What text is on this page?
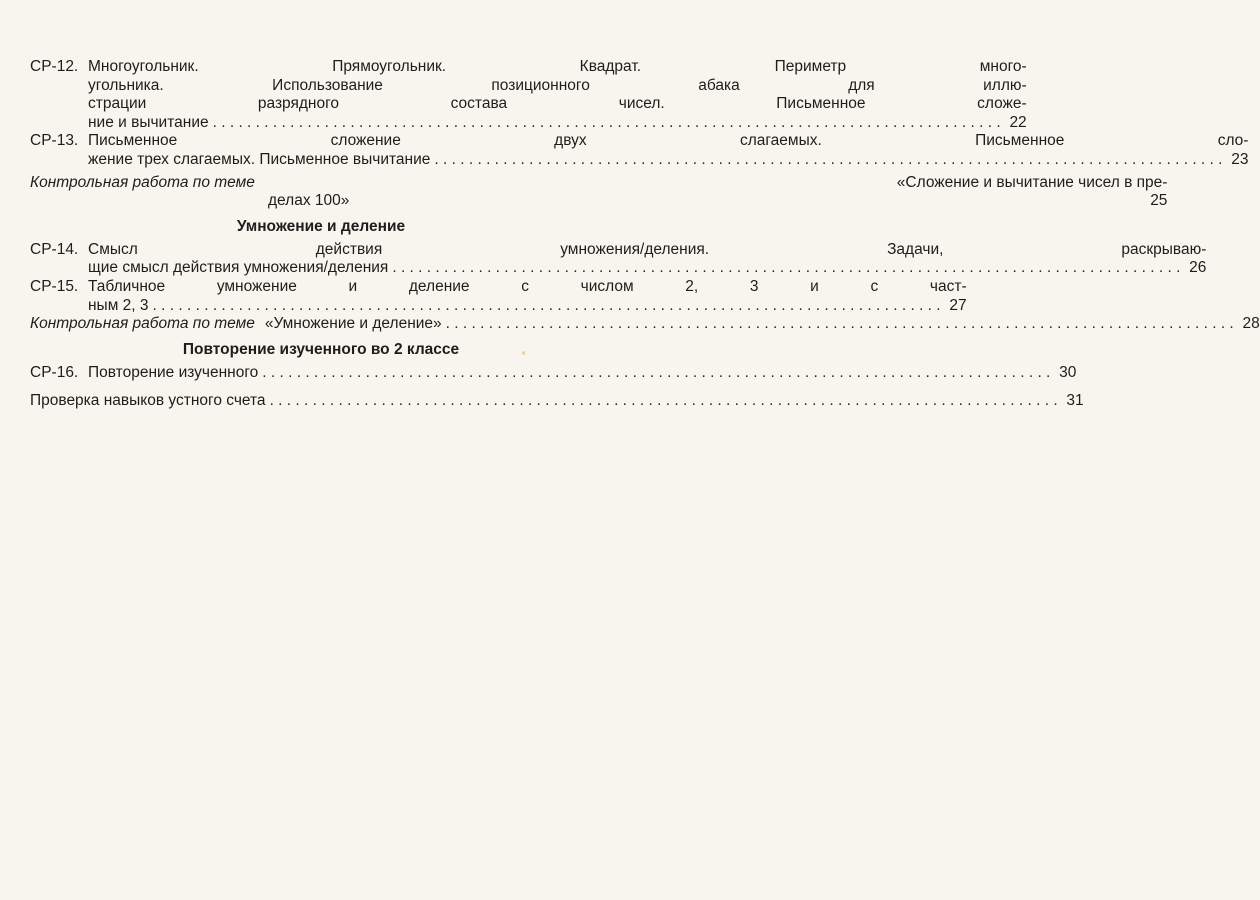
СР-12. Многоугольник. Прямоугольник. Квадрат. Периметр много-
угольника. Использование позиционного абака для иллю-
страции разрядного состава чисел. Письменное сложе-
ние и вычитание . . .	22
СР-13. Письменное сложение двух слагаемых. Письменное сло-
жение трех слагаемых. Письменное вычитание . . .	23
Контрольная работа по теме	«Сложение и вычитание чисел в пре-
делах 100»	25
Умножение и деление
СР-14. Смысл действия умножения/деления. Задачи, раскрываю-
щие смысл действия умножения/деления . . .	26
СР-15. Табличное умножение и деление с числом 2, 3 и с част-
ным 2, 3 . . .	27
Контрольная работа по теме «Умножение и деление» . . .	28
Повторение изученного во 2 классе
СР-16. Повторение изученного . . .	30
Проверка навыков устного счета . . .	31
